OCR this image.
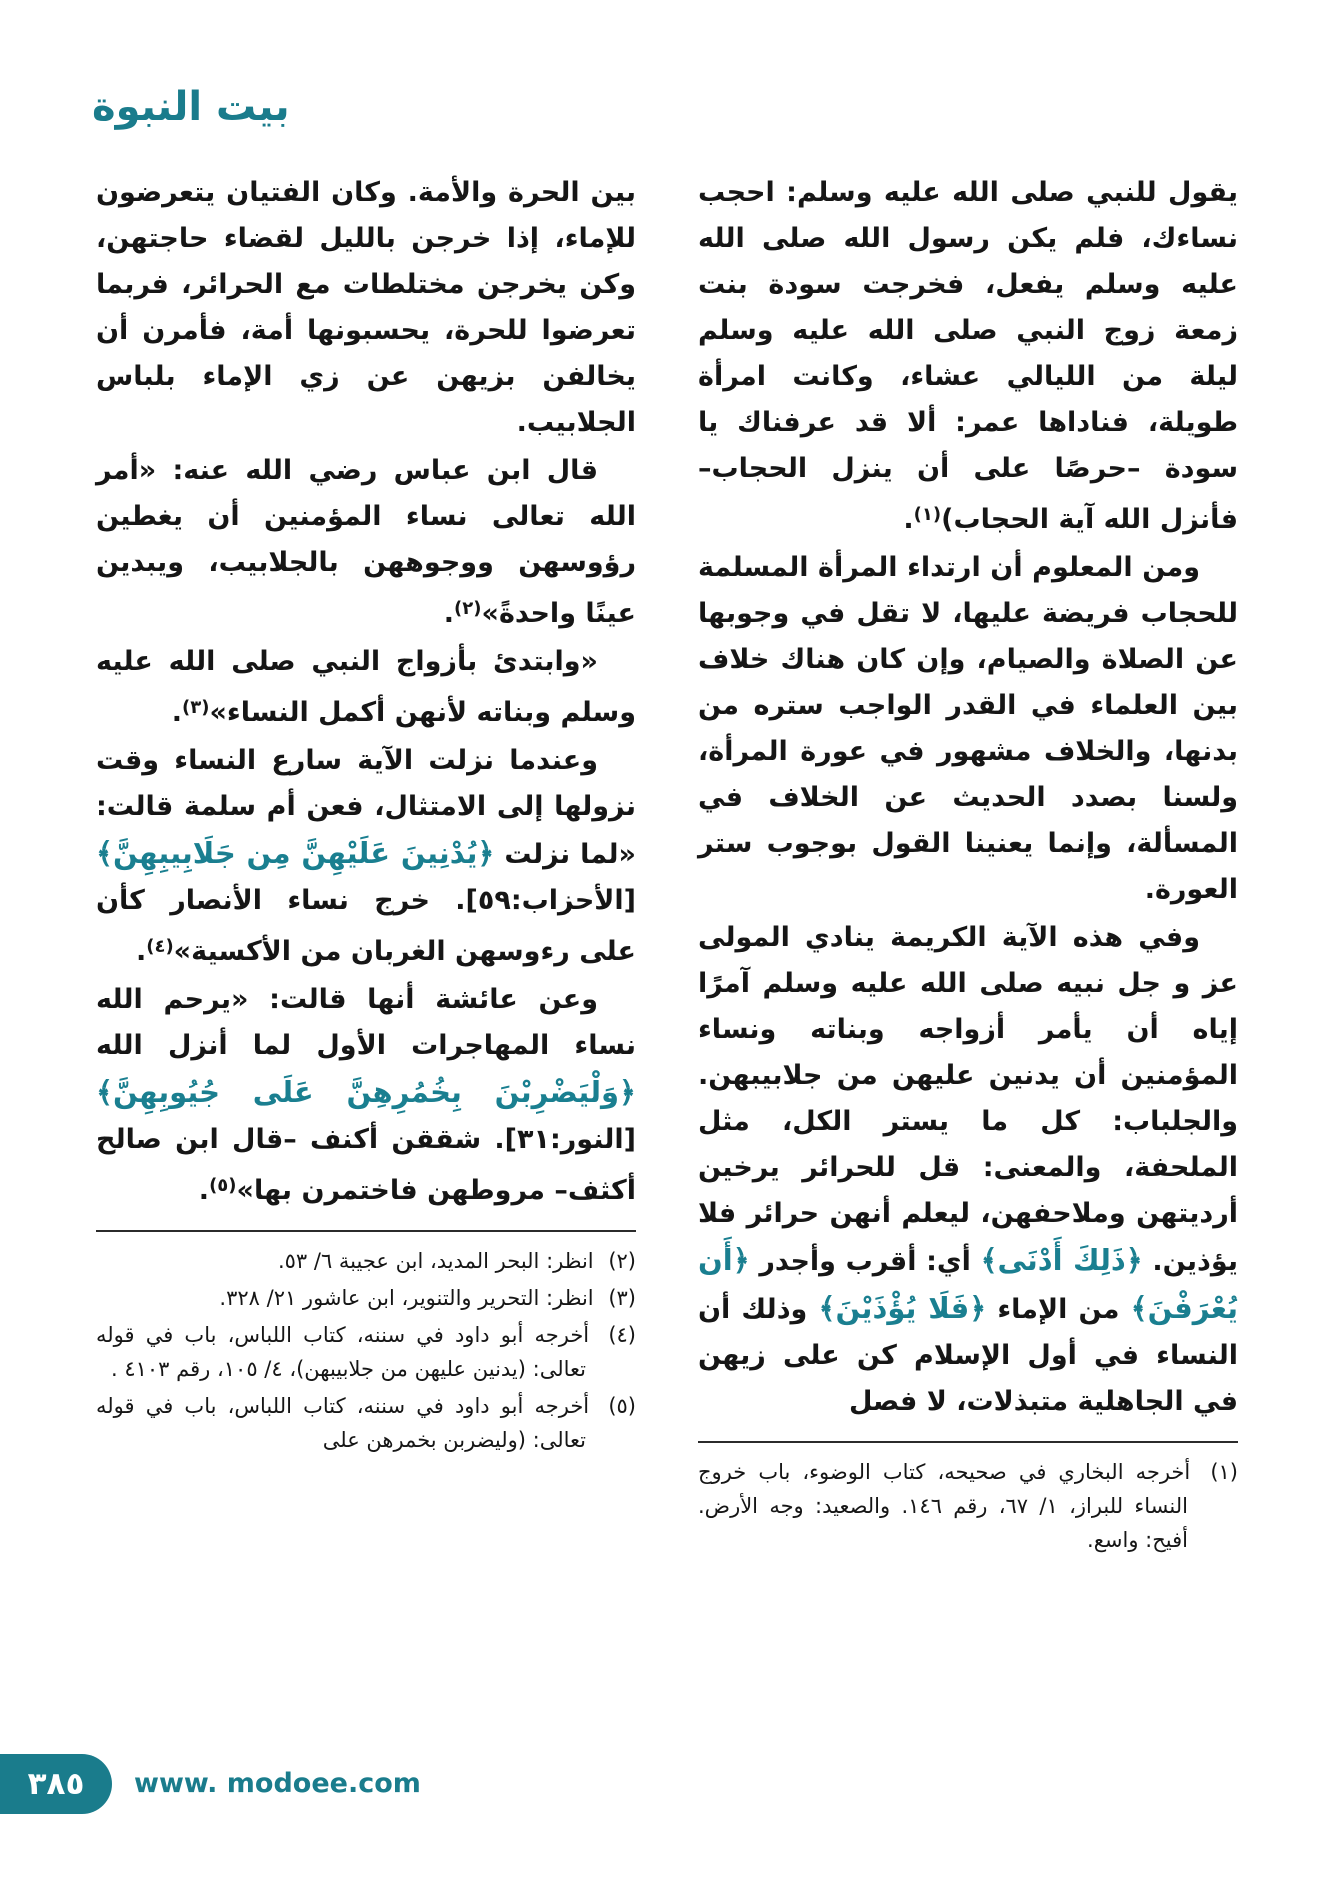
بيت النبوة

يقول للنبي صلى الله عليه وسلم: احجب نساءك، فلم يكن رسول الله صلى الله عليه وسلم يفعل، فخرجت سودة بنت زمعة زوج النبي صلى الله عليه وسلم ليلة من الليالي عشاء، وكانت امرأة طويلة، فناداها عمر: ألا قد عرفناك يا سودة –حرصًا على أن ينزل الحجاب– فأنزل الله آية الحجاب)$^{(١)}$.

ومن المعلوم أن ارتداء المرأة المسلمة للحجاب فريضة عليها، لا تقل في وجوبها عن الصلاة والصيام، وإن كان هناك خلاف بين العلماء في القدر الواجب ستره من بدنها، والخلاف مشهور في عورة المرأة، ولسنا بصدد الحديث عن الخلاف في المسألة، وإنما يعنينا القول بوجوب ستر العورة.

وفي هذه الآية الكريمة ينادي المولى عز و جل نبيه صلى الله عليه وسلم آمرًا إياه أن يأمر أزواجه وبناته ونساء المؤمنين أن يدنين عليهن من جلابيبهن. والجلباب: كل ما يستر الكل، مثل الملحفة، والمعنى: قل للحرائر يرخين أرديتهن وملاحفهن، ليعلم أنهن حرائر فلا يؤذين. ﴿ذَلِكَ أَدْنَى﴾ أي: أقرب وأجدر ﴿أَن يُعْرَفْنَ﴾ من الإماء ﴿فَلَا يُؤْذَيْنَ﴾ وذلك أن النساء في أول الإسلام كن على زيهن في الجاهلية متبذلات، لا فصل

(١) أخرجه البخاري في صحيحه، كتاب الوضوء، باب خروج النساء للبراز، ١/ ٦٧، رقم ١٤٦. والصعيد: وجه الأرض. أفيح: واسع.

بين الحرة والأمة. وكان الفتيان يتعرضون للإماء، إذا خرجن بالليل لقضاء حاجتهن، وكن يخرجن مختلطات مع الحرائر، فربما تعرضوا للحرة، يحسبونها أمة، فأمرن أن يخالفن بزيهن عن زي الإماء بلباس الجلابيب.

قال ابن عباس رضي الله عنه: «أمر الله تعالى نساء المؤمنين أن يغطين رؤوسهن ووجوههن بالجلابيب، ويبدين عينًا واحدةً»$^{(٢)}$.

«وابتدئ بأزواج النبي صلى الله عليه وسلم وبناته لأنهن أكمل النساء»$^{(٣)}$.

وعندما نزلت الآية سارع النساء وقت نزولها إلى الامتثال، فعن أم سلمة قالت: «لما نزلت ﴿يُدْنِينَ عَلَيْهِنَّ مِن جَلَابِيبِهِنَّ﴾ [الأحزاب:٥٩]. خرج نساء الأنصار كأن على رءوسهن الغربان من الأكسية»$^{(٤)}$.

وعن عائشة أنها قالت: «يرحم الله نساء المهاجرات الأول لما أنزل الله ﴿وَلْيَضْرِبْنَ بِخُمُرِهِنَّ عَلَى جُيُوبِهِنَّ﴾ [النور:٣١]. شققن أكنف –قال ابن صالح أكثف– مروطهن فاختمرن بها»$^{(٥)}$.

(٢) انظر: البحر المديد، ابن عجيبة ٦/ ٥٣.
(٣) انظر: التحرير والتنوير، ابن عاشور ٢١/ ٣٢٨.
(٤) أخرجه أبو داود في سننه، كتاب اللباس، باب في قوله تعالى: (يدنين عليهن من جلابيبهن)، ٤/ ١٠٥، رقم ٤١٠٣ .
(٥) أخرجه أبو داود في سننه، كتاب اللباس، باب في قوله تعالى: (وليضربن بخمرهن على
٣٨٥ www. modoee.com
